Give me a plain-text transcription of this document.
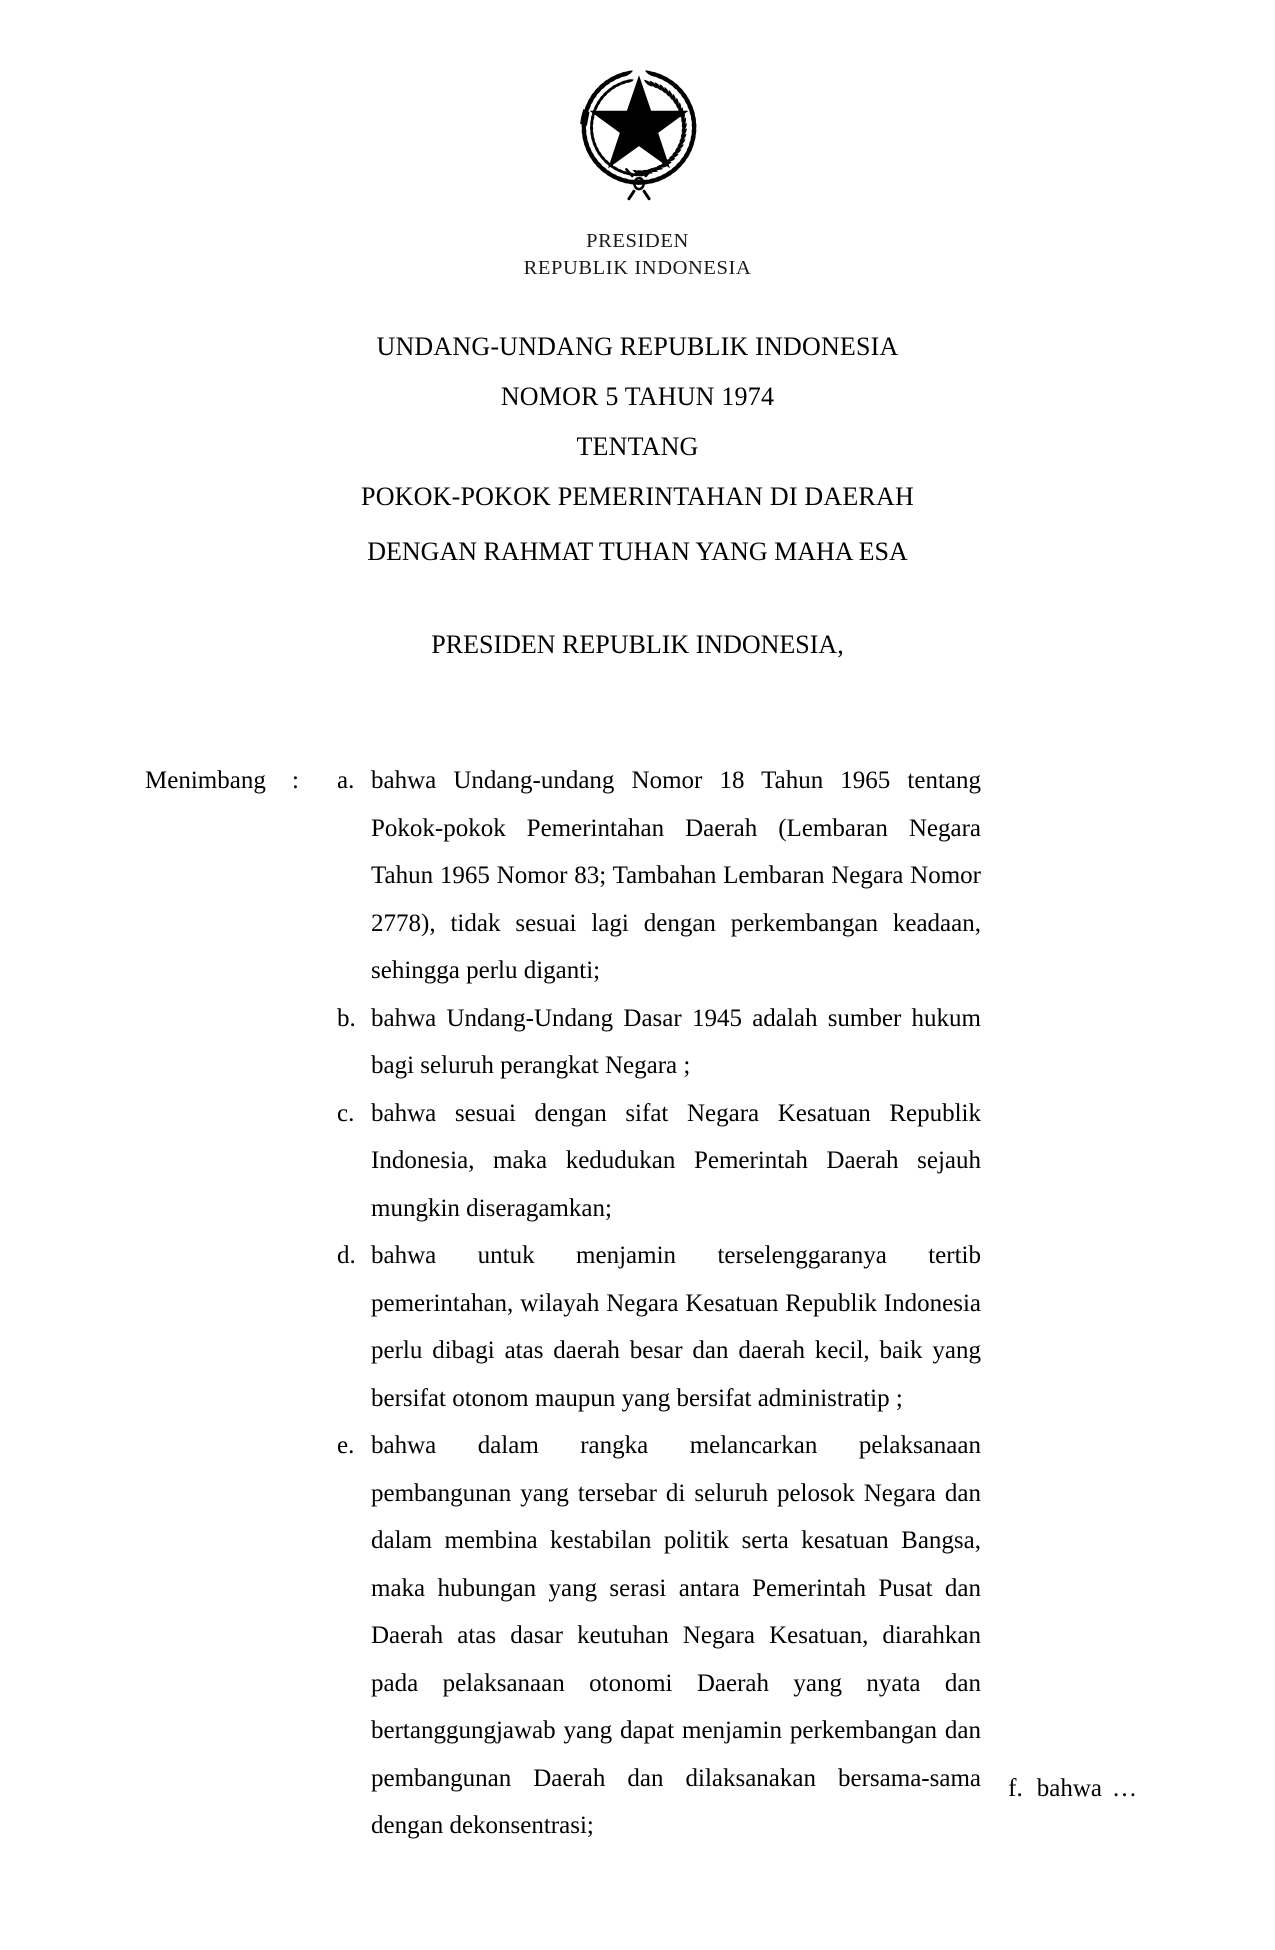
PRESIDEN
REPUBLIK INDONESIA
UNDANG-UNDANG REPUBLIK INDONESIA
NOMOR 5 TAHUN 1974
TENTANG
POKOK-POKOK PEMERINTAHAN DI DAERAH
DENGAN RAHMAT TUHAN YANG MAHA ESA
PRESIDEN REPUBLIK INDONESIA,
Menimbang : a. bahwa Undang-undang Nomor 18 Tahun 1965 tentang Pokok-pokok Pemerintahan Daerah (Lembaran Negara Tahun 1965 Nomor 83; Tambahan Lembaran Negara Nomor 2778), tidak sesuai lagi dengan perkembangan keadaan, sehingga perlu diganti;
b. bahwa Undang-Undang Dasar 1945 adalah sumber hukum bagi seluruh perangkat Negara ;
c. bahwa sesuai dengan sifat Negara Kesatuan Republik Indonesia, maka kedudukan Pemerintah Daerah sejauh mungkin diseragamkan;
d. bahwa untuk menjamin terselenggaranya tertib pemerintahan, wilayah Negara Kesatuan Republik Indonesia perlu dibagi atas daerah besar dan daerah kecil, baik yang bersifat otonom maupun yang bersifat administratip ;
e. bahwa dalam rangka melancarkan pelaksanaan pembangunan yang tersebar di seluruh pelosok Negara dan dalam membina kestabilan politik serta kesatuan Bangsa, maka hubungan yang serasi antara Pemerintah Pusat dan Daerah atas dasar keutuhan Negara Kesatuan, diarahkan pada pelaksanaan otonomi Daerah yang nyata dan bertanggungjawab yang dapat menjamin perkembangan dan pembangunan Daerah dan dilaksanakan bersama-sama dengan dekonsentrasi;
f. bahwa …
